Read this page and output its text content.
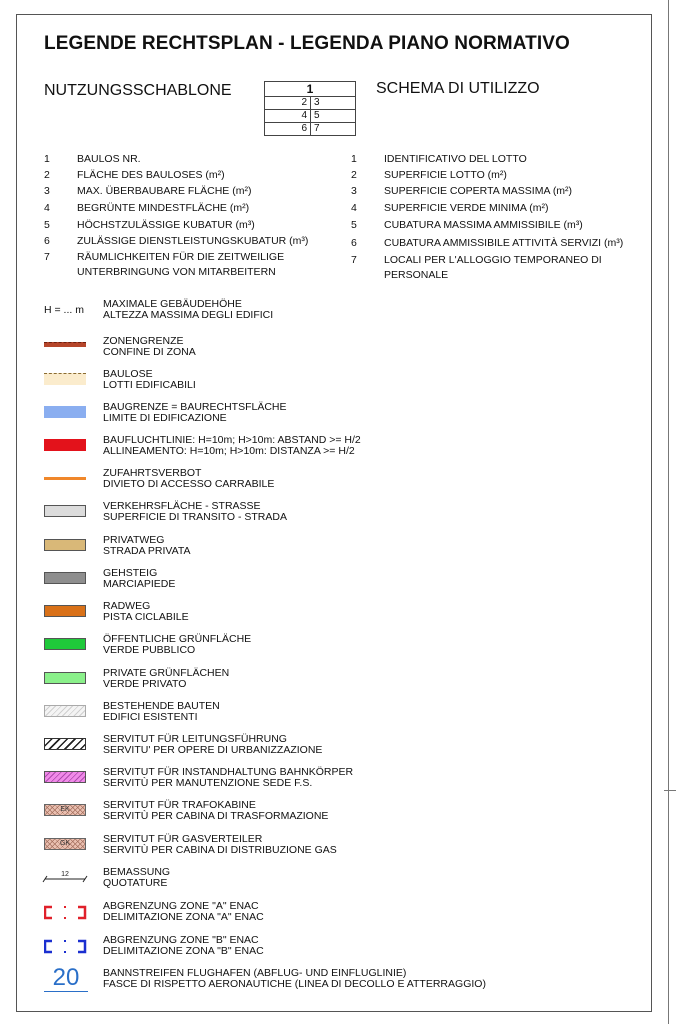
LEGENDE RECHTSPLAN - LEGENDA PIANO NORMATIVO
NUTZUNGSSCHABLONE	SCHEMA DI UTILIZZO
1	
2	3
4	5
6	7
1	BAULOS NR.
2	FLÄCHE DES BAULOSES (m²)
3	MAX. ÜBERBAUBARE FLÄCHE (m²)
4	BEGRÜNTE MINDESTFLÄCHE (m²)
5	HÖCHSTZULÄSSIGE KUBATUR (m³)
6	ZULÄSSIGE DIENSTLEISTUNGSKUBATUR (m³)
7	RÄUMLICHKEITEN FÜR DIE ZEITWEILIGE
UNTERBRINGUNG VON MITARBEITERN
1	IDENTIFICATIVO DEL LOTTO
2	SUPERFICIE LOTTO (m²)
3	SUPERFICIE COPERTA MASSIMA (m²)
4	SUPERFICIE VERDE MINIMA (m²)
5	CUBATURA MASSIMA AMMISSIBILE (m³)
6	CUBATURA AMMISSIBILE ATTIVITÀ SERVIZI (m³)
7	LOCALI PER L'ALLOGGIO TEMPORANEO DI
PERSONALE
H = ... m MAXIMALE GEBÄUDEHÖHE
ALTEZZA MASSIMA DEGLI EDIFICI
ZONENGRENZE
CONFINE DI ZONA
BAULOSE
LOTTI EDIFICABILI
BAUGRENZE = BAURECHTSFLÄCHE
LIMITE DI EDIFICAZIONE
BAUFLUCHTLINIE: H=10m; H>10m: ABSTAND >= H/2
ALLINEAMENTO: H=10m; H>10m: DISTANZA >= H/2
ZUFAHRTSVERBOT
DIVIETO DI ACCESSO CARRABILE
VERKEHRSFLÄCHE - STRASSE
SUPERFICIE DI TRANSITO - STRADA
PRIVATWEG
STRADA PRIVATA
GEHSTEIG
MARCIAPIEDE
RADWEG
PISTA CICLABILE
ÖFFENTLICHE GRÜNFLÄCHE
VERDE PUBBLICO
PRIVATE GRÜNFLÄCHEN
VERDE PRIVATO
BESTEHENDE BAUTEN
EDIFICI ESISTENTI
SERVITUT FÜR LEITUNGSFÜHRUNG
SERVITU' PER OPERE DI URBANIZZAZIONE
SERVITUT FÜR INSTANDHALTUNG BAHNKÖRPER
SERVITÙ PER MANUTENZIONE SEDE F.S.
EK	SERVITUT FÜR TRAFOKABINE
SERVITÙ PER CABINA DI TRASFORMAZIONE
GK	SERVITUT FÜR GASVERTEILER
SERVITÙ PER CABINA DI DISTRIBUZIONE GAS
12	BEMASSUNG
QUOTATURE
ABGRENZUNG ZONE "A" ENAC
DELIMITAZIONE ZONA "A" ENAC
ABGRENZUNG ZONE "B" ENAC
DELIMITAZIONE ZONA "B" ENAC
20	BANNSTREIFEN FLUGHAFEN (ABFLUG- UND EINFLUGLINIE)
FASCE DI RISPETTO AERONAUTICHE (LINEA DI DECOLLO E ATTERRAGGIO)
